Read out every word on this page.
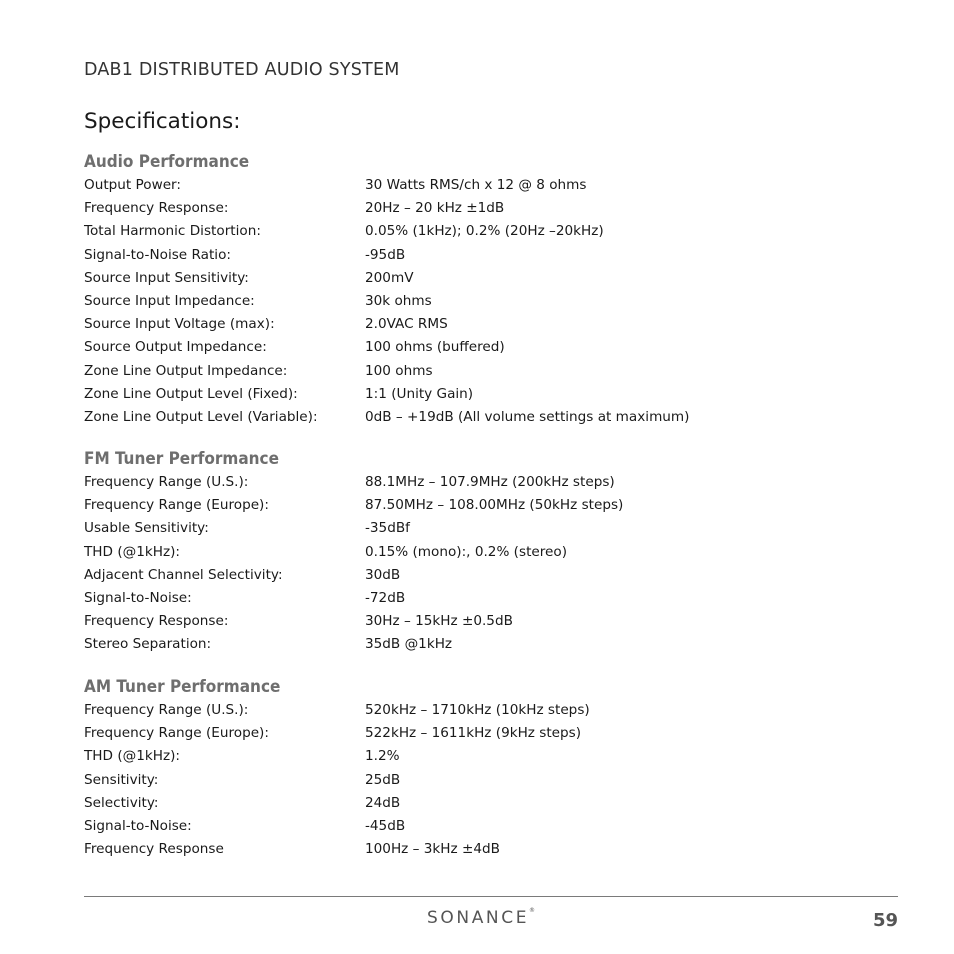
DAB1 DISTRIBUTED AUDIO SYSTEM
Specifications:
Audio Performance
Output Power:	30 Watts RMS/ch x 12 @ 8 ohms
Frequency Response:	20Hz – 20 kHz ±1dB
Total Harmonic Distortion:	0.05% (1kHz); 0.2% (20Hz –20kHz)
Signal-to-Noise Ratio:	-95dB
Source Input Sensitivity:	200mV
Source Input Impedance:	30k ohms
Source Input Voltage (max):	2.0VAC RMS
Source Output Impedance:	100 ohms (buffered)
Zone Line Output Impedance:	100 ohms
Zone Line Output Level (Fixed):	1:1 (Unity Gain)
Zone Line Output Level (Variable):	0dB – +19dB (All volume settings at maximum)
FM Tuner Performance
Frequency Range (U.S.):	88.1MHz – 107.9MHz (200kHz steps)
Frequency Range (Europe):	87.50MHz – 108.00MHz (50kHz steps)
Usable Sensitivity:	-35dBf
THD (@1kHz):	0.15% (mono):, 0.2% (stereo)
Adjacent Channel Selectivity:	30dB
Signal-to-Noise:	-72dB
Frequency Response:	30Hz – 15kHz ±0.5dB
Stereo Separation:	35dB @1kHz
AM Tuner Performance
Frequency Range (U.S.):	520kHz – 1710kHz (10kHz steps)
Frequency Range (Europe):	522kHz – 1611kHz (9kHz steps)
THD (@1kHz):	1.2%
Sensitivity:	25dB
Selectivity:	24dB
Signal-to-Noise:	-45dB
Frequency Response	100Hz – 3kHz ±4dB
SONANCE®	59
